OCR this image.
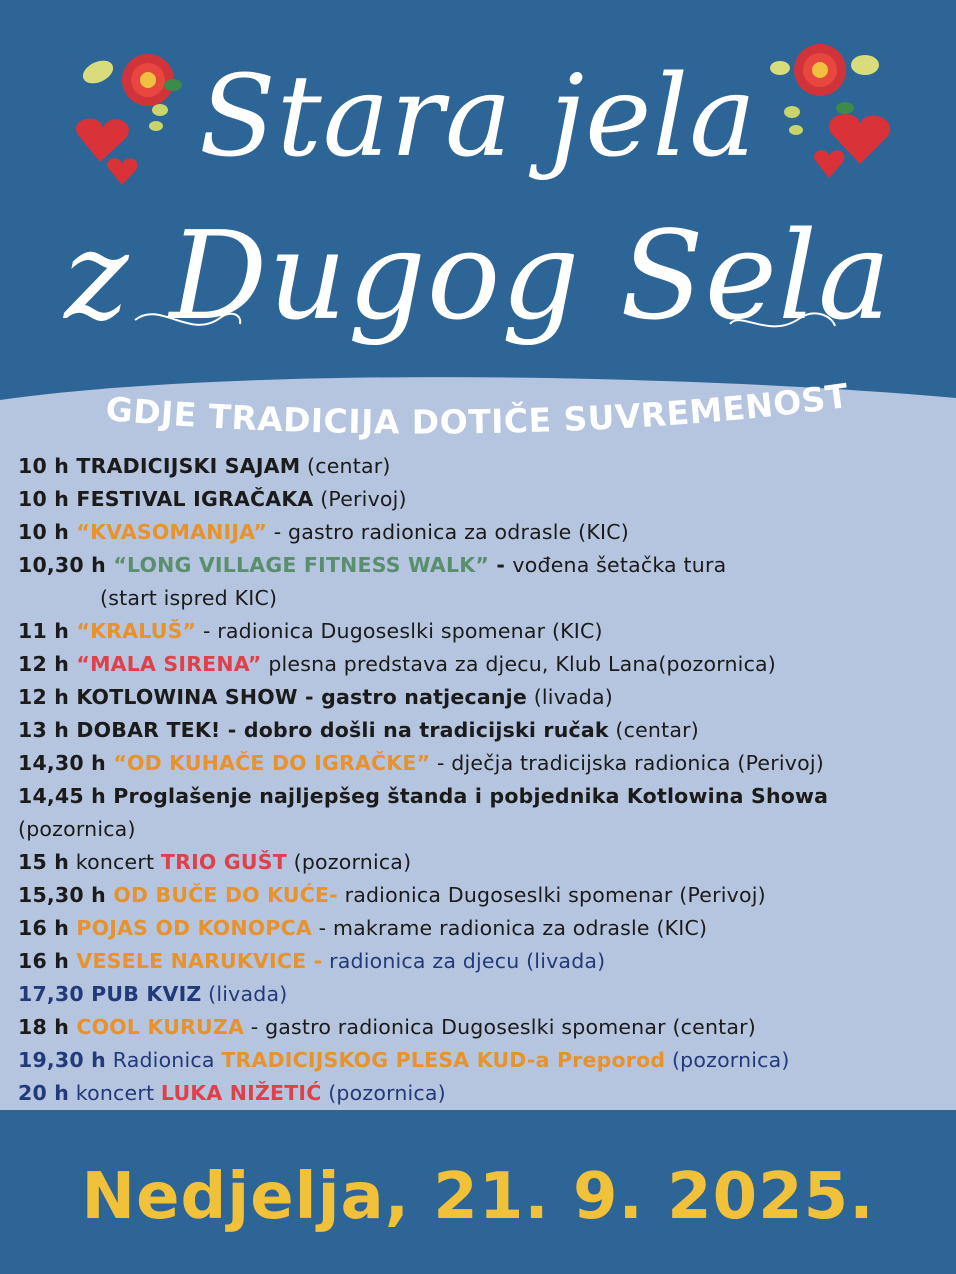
Stara jela
z Dugog Sela
GDJE TRADICIJA DOTIČE SUVREMENOST
10 h TRADICIJSKI SAJAM (centar)
10 h FESTIVAL IGRAČAKA (Perivoj)
10 h “KVASOMANIJA” - gastro radionica za odrasle (KIC)
10,30 h “LONG VILLAGE FITNESS WALK” - vođena šetačka tura
(start ispred KIC)
11 h “KRALUŠ” - radionica Dugoseslki spomenar (KIC)
12 h “MALA SIRENA” plesna predstava za djecu, Klub Lana(pozornica)
12 h KOTLOWINA SHOW - gastro natjecanje (livada)
13 h DOBAR TEK! - dobro došli na tradicijski ručak (centar)
14,30 h “OD KUHAČE DO IGRAČKE” - dječja tradicijska radionica (Perivoj)
14,45 h Proglašenje najljepšeg štanda i pobjednika Kotlowina Showa
(pozornica)
15 h koncert TRIO GUŠT (pozornica)
15,30 h OD BUČE DO KUĆE- radionica Dugoseslki spomenar (Perivoj)
16 h POJAS OD KONOPCA - makrame radionica za odrasle (KIC)
16 h VESELE NARUKVICE - radionica za djecu (livada)
17,30 PUB KVIZ (livada)
18 h COOL KURUZA - gastro radionica Dugoseslki spomenar (centar)
19,30 h Radionica TRADICIJSKOG PLESA KUD-a Preporod (pozornica)
20 h koncert LUKA NIŽETIĆ (pozornica)
Nedjelja, 21. 9. 2025.
